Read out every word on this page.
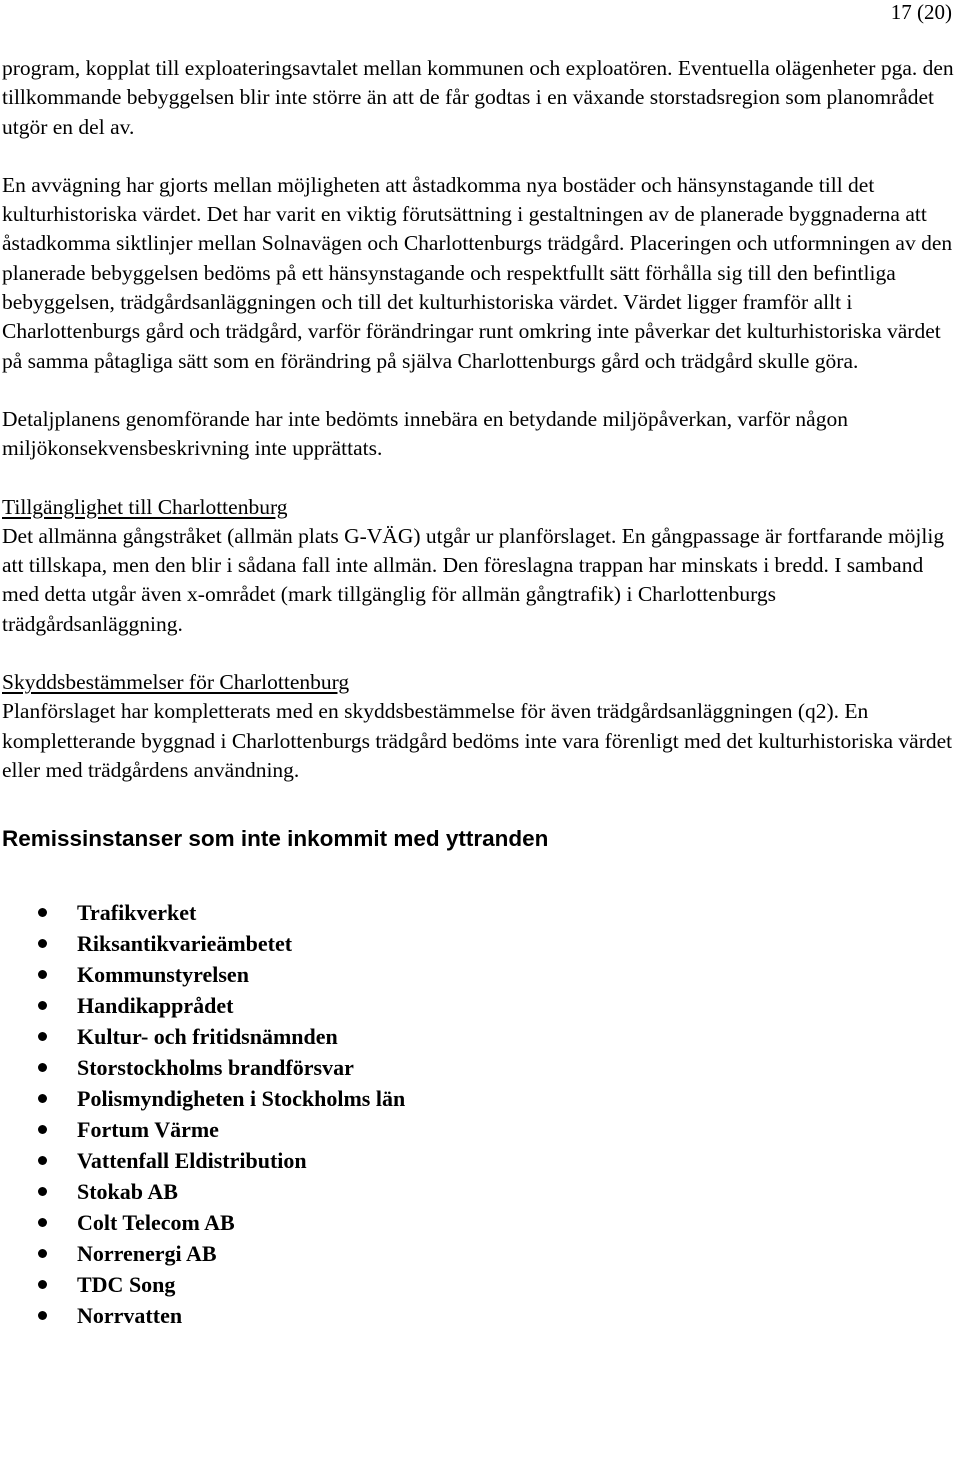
17 (20)

program, kopplat till exploateringsavtalet mellan kommunen och exploatören. Eventuella olägenheter pga. den tillkommande bebyggelsen blir inte större än att de får godtas i en växande storstadsregion som planområdet utgör en del av.

En avvägning har gjorts mellan möjligheten att åstadkomma nya bostäder och hänsynstagande till det kulturhistoriska värdet. Det har varit en viktig förutsättning i gestaltningen av de planerade byggnaderna att åstadkomma siktlinjer mellan Solnavägen och Charlottenburgs trädgård. Placeringen och utformningen av den planerade bebyggelsen bedöms på ett hänsynstagande och respektfullt sätt förhålla sig till den befintliga bebyggelsen, trädgårdsanläggningen och till det kulturhistoriska värdet. Värdet ligger framför allt i Charlottenburgs gård och trädgård, varför förändringar runt omkring inte påverkar det kulturhistoriska värdet på samma påtagliga sätt som en förändring på själva Charlottenburgs gård och trädgård skulle göra.

Detaljplanens genomförande har inte bedömts innebära en betydande miljöpåverkan, varför någon miljökonsekvensbeskrivning inte upprättats.

Tillgänglighet till Charlottenburg
Det allmänna gångstråket (allmän plats G-VÄG) utgår ur planförslaget. En gångpassage är fortfarande möjlig att tillskapa, men den blir i sådana fall inte allmän. Den föreslagna trappan har minskats i bredd. I samband med detta utgår även x-området (mark tillgänglig för allmän gångtrafik) i Charlottenburgs trädgårdsanläggning.

Skyddsbestämmelser för Charlottenburg
Planförslaget har kompletterats med en skyddsbestämmelse för även trädgårdsanläggningen (q2). En kompletterande byggnad i Charlottenburgs trädgård bedöms inte vara förenligt med det kulturhistoriska värdet eller med trädgårdens användning.

Remissinstanser som inte inkommit med yttranden
Trafikverket
Riksantikvarieämbetet
Kommunstyrelsen
Handikapprådet
Kultur- och fritidsnämnden
Storstockholms brandförsvar
Polismyndigheten i Stockholms län
Fortum Värme
Vattenfall Eldistribution
Stokab AB
Colt Telecom AB
Norrenergi AB
TDC Song
Norrvatten
